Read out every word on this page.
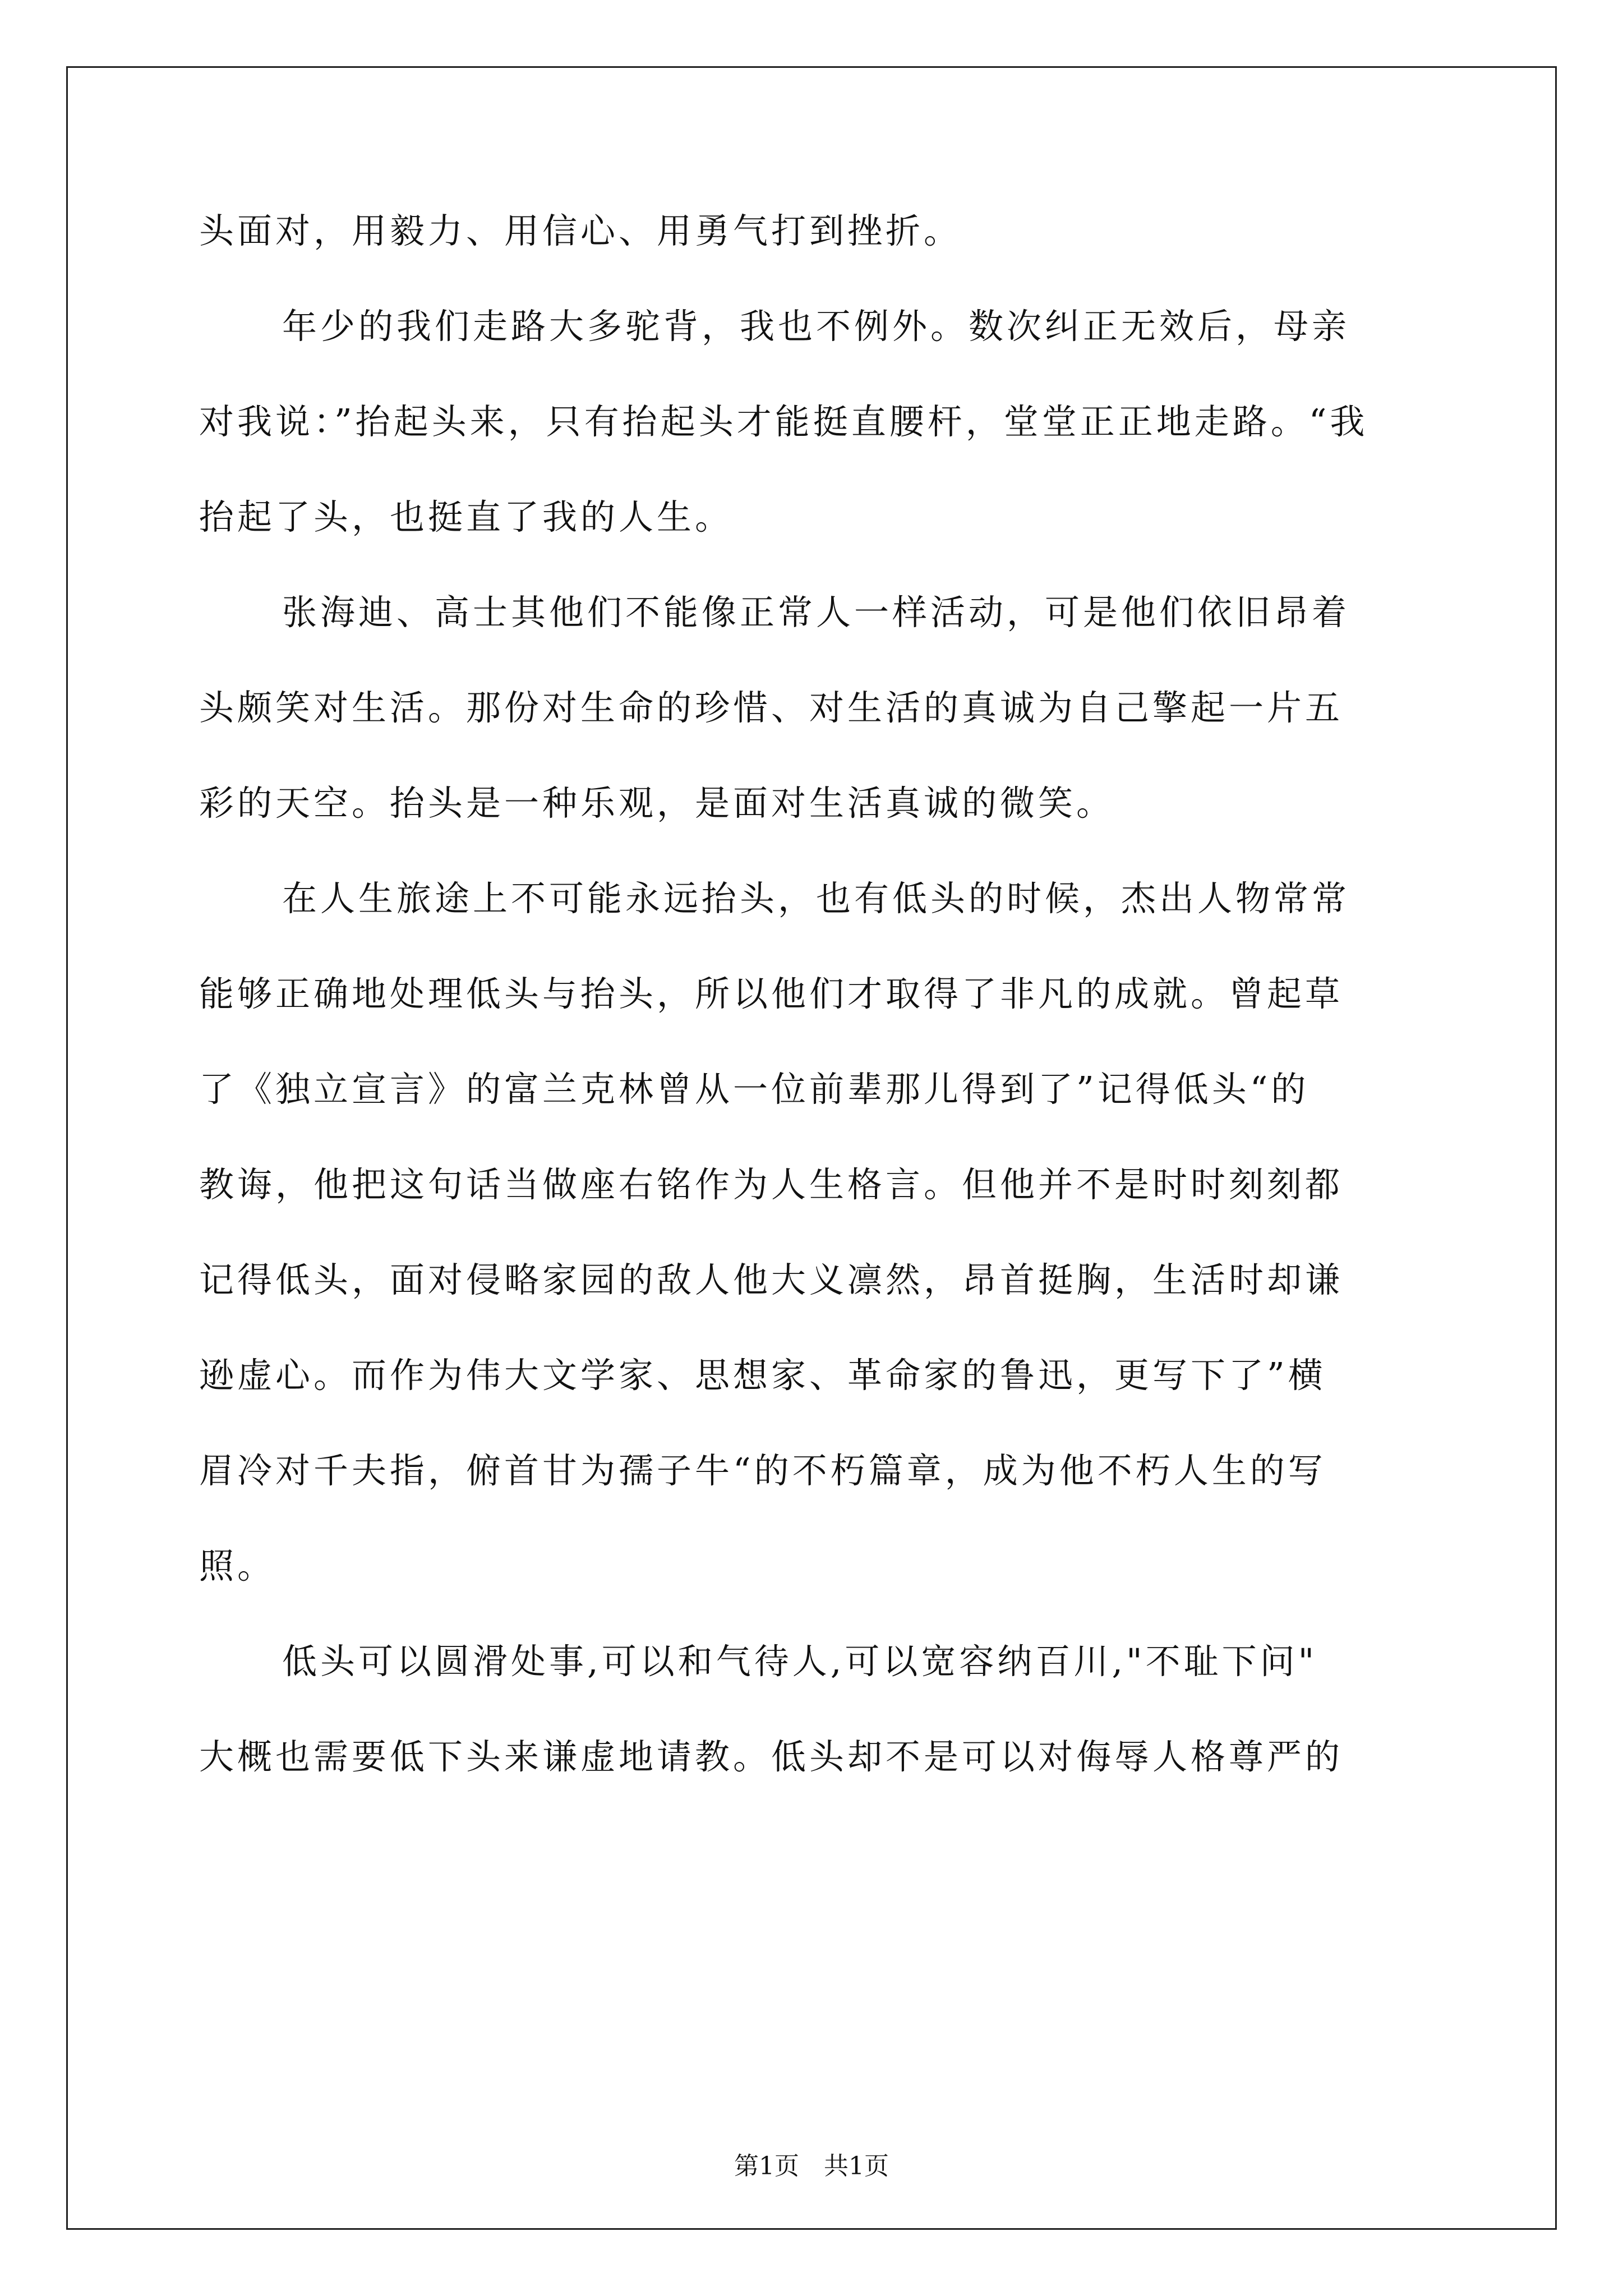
头面对，用毅力、用信心、用勇气打到挫折。
年少的我们走路大多驼背，我也不例外。数次纠正无效后，母亲
对我说：”抬起头来，只有抬起头才能挺直腰杆，堂堂正正地走路。“我
抬起了头，也挺直了我的人生。
张海迪、高士其他们不能像正常人一样活动，可是他们依旧昂着
头颇笑对生活。那份对生命的珍惜、对生活的真诚为自己擎起一片五
彩的天空。抬头是一种乐观，是面对生活真诚的微笑。
在人生旅途上不可能永远抬头，也有低头的时候，杰出人物常常
能够正确地处理低头与抬头，所以他们才取得了非凡的成就。曾起草
了《独立宣言》的富兰克林曾从一位前辈那儿得到了”记得低头“的
教诲，他把这句话当做座右铭作为人生格言。但他并不是时时刻刻都
记得低头，面对侵略家园的敌人他大义凛然，昂首挺胸，生活时却谦
逊虚心。而作为伟大文学家、思想家、革命家的鲁迅，更写下了”横
眉冷对千夫指，俯首甘为孺子牛“的不朽篇章，成为他不朽人生的写
照。
低头可以圆滑处事,可以和气待人,可以宽容纳百川,"不耻下问"
大概也需要低下头来谦虚地请教。低头却不是可以对侮辱人格尊严的
第1页　共1页
